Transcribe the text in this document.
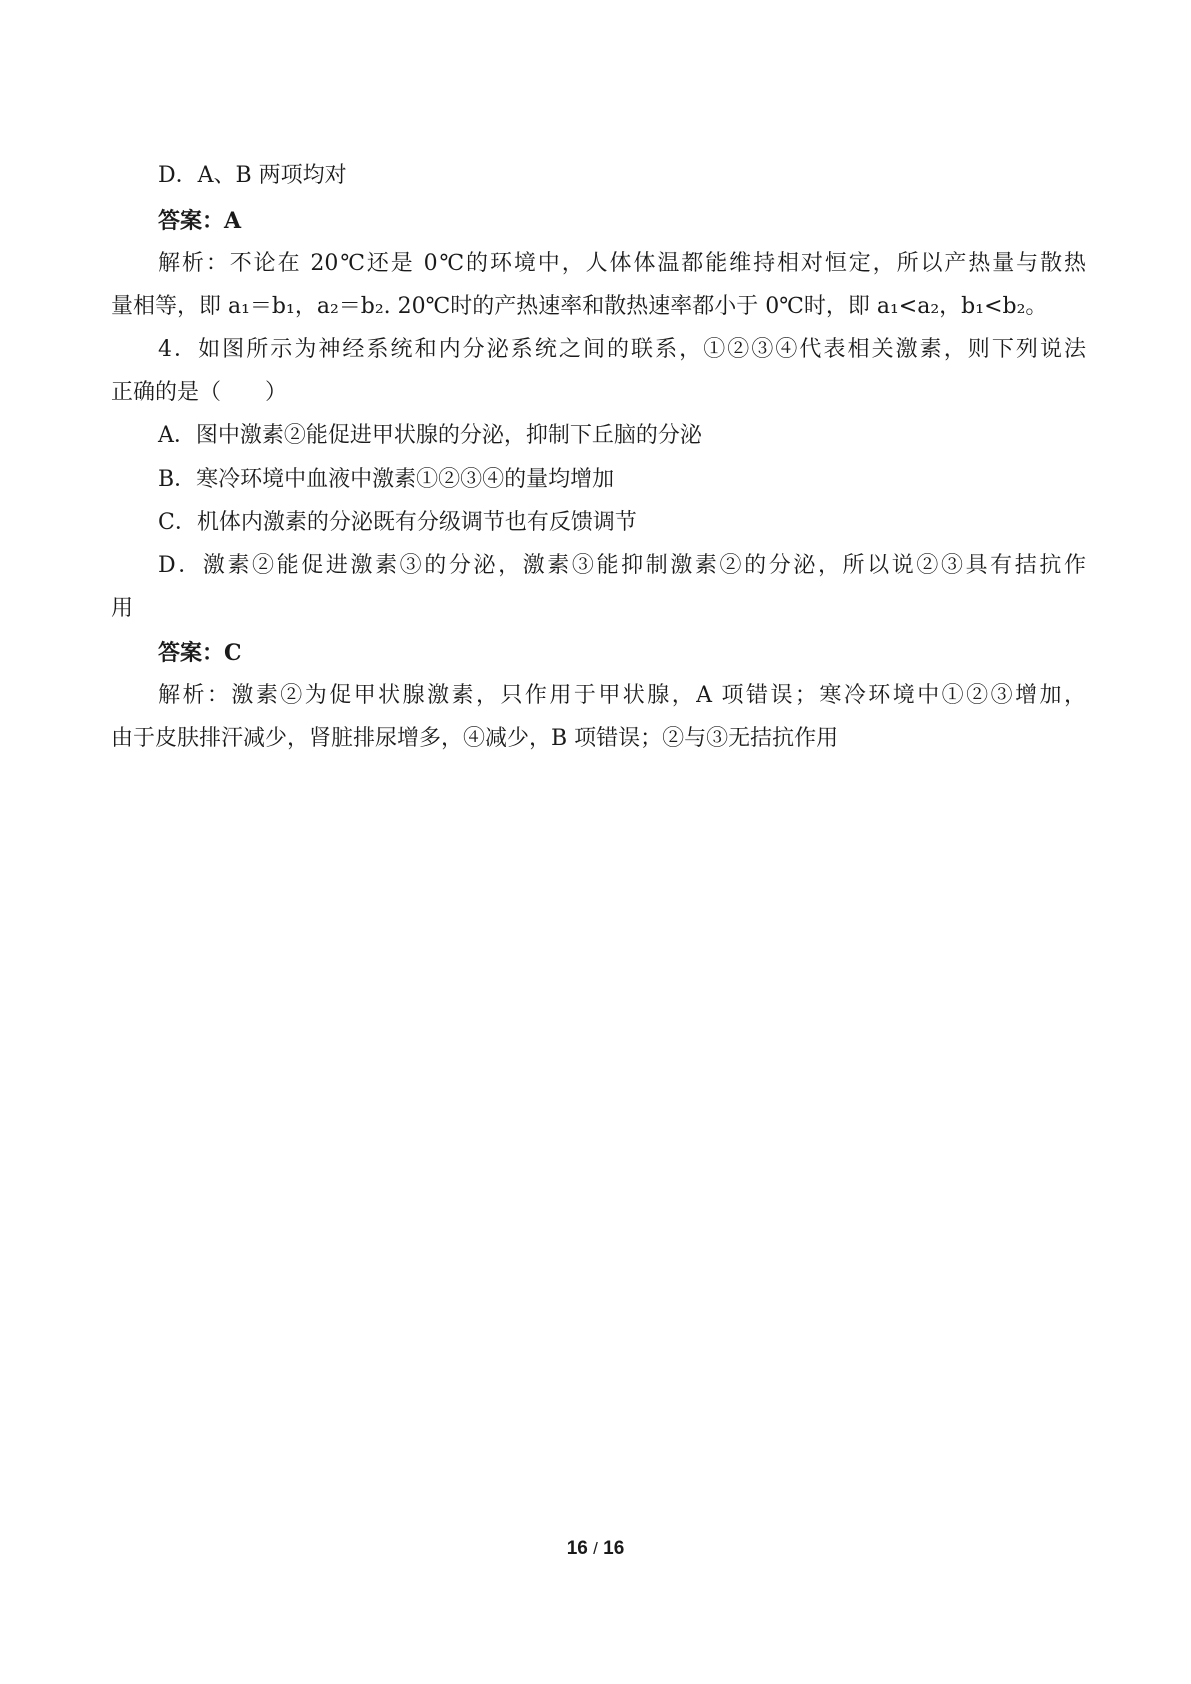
D．A、B 两项均对
答案：A
解析：不论在 20℃还是 0℃的环境中，人体体温都能维持相对恒定，所以产热量与散热
量相等，即 a₁＝b₁，a₂＝b₂. 20℃时的产热速率和散热速率都小于 0℃时，即 a₁<a₂，b₁<b₂。
4．如图所示为神经系统和内分泌系统之间的联系，①②③④代表相关激素，则下列说法
正确的是（　　）
A．图中激素②能促进甲状腺的分泌，抑制下丘脑的分泌
B．寒冷环境中血液中激素①②③④的量均增加
C．机体内激素的分泌既有分级调节也有反馈调节
D．激素②能促进激素③的分泌，激素③能抑制激素②的分泌，所以说②③具有拮抗作
用
答案：C
解析：激素②为促甲状腺激素，只作用于甲状腺，A 项错误；寒冷环境中①②③增加，
由于皮肤排汗减少，肾脏排尿增多，④减少，B 项错误；②与③无拮抗作用
16 / 16
